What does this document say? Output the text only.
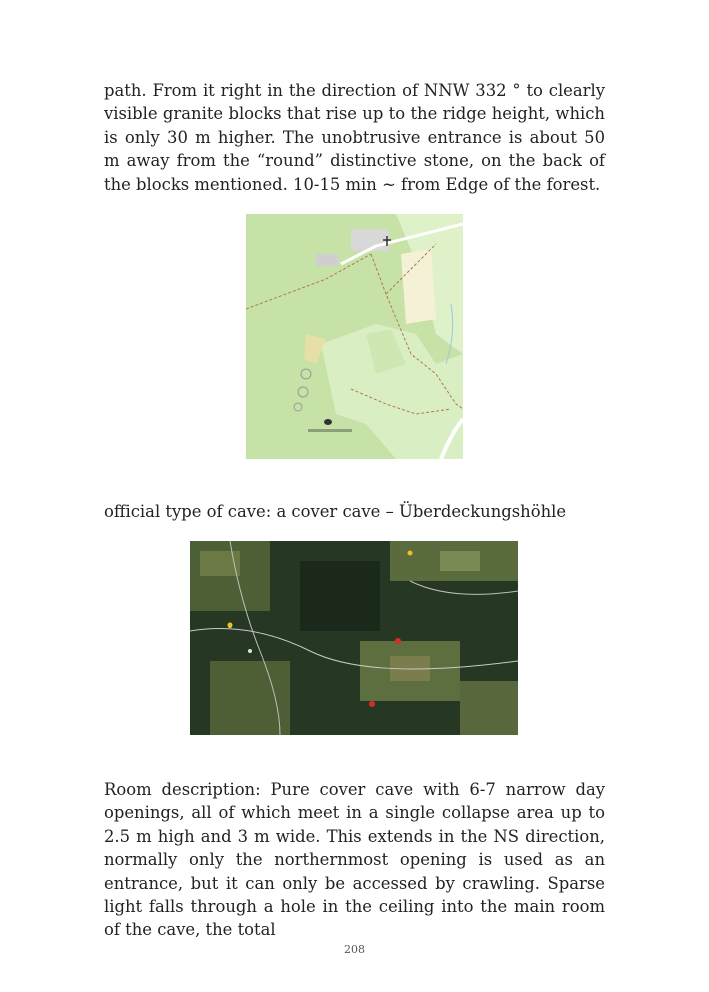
path. From it right in the direction of NNW 332 ° to clearly visible granite blocks that rise up to the ridge height, which is only 30 m higher. The unobtrusive entrance is about 50 m away from the “round” distinctive stone, on the back of the blocks mentioned. 10-15 min ~ from Edge of the forest.

official type of cave: a cover cave – Überdeckungshöhle

Room description: Pure cover cave with 6-7 narrow day openings, all of which meet in a single collapse area up to 2.5 m high and 3 m wide. This extends in the NS direction, normally only the northernmost opening is used as an entrance, but it can only be accessed by crawling. Sparse light falls through a hole in the ceiling into the main room of the cave, the total

208
